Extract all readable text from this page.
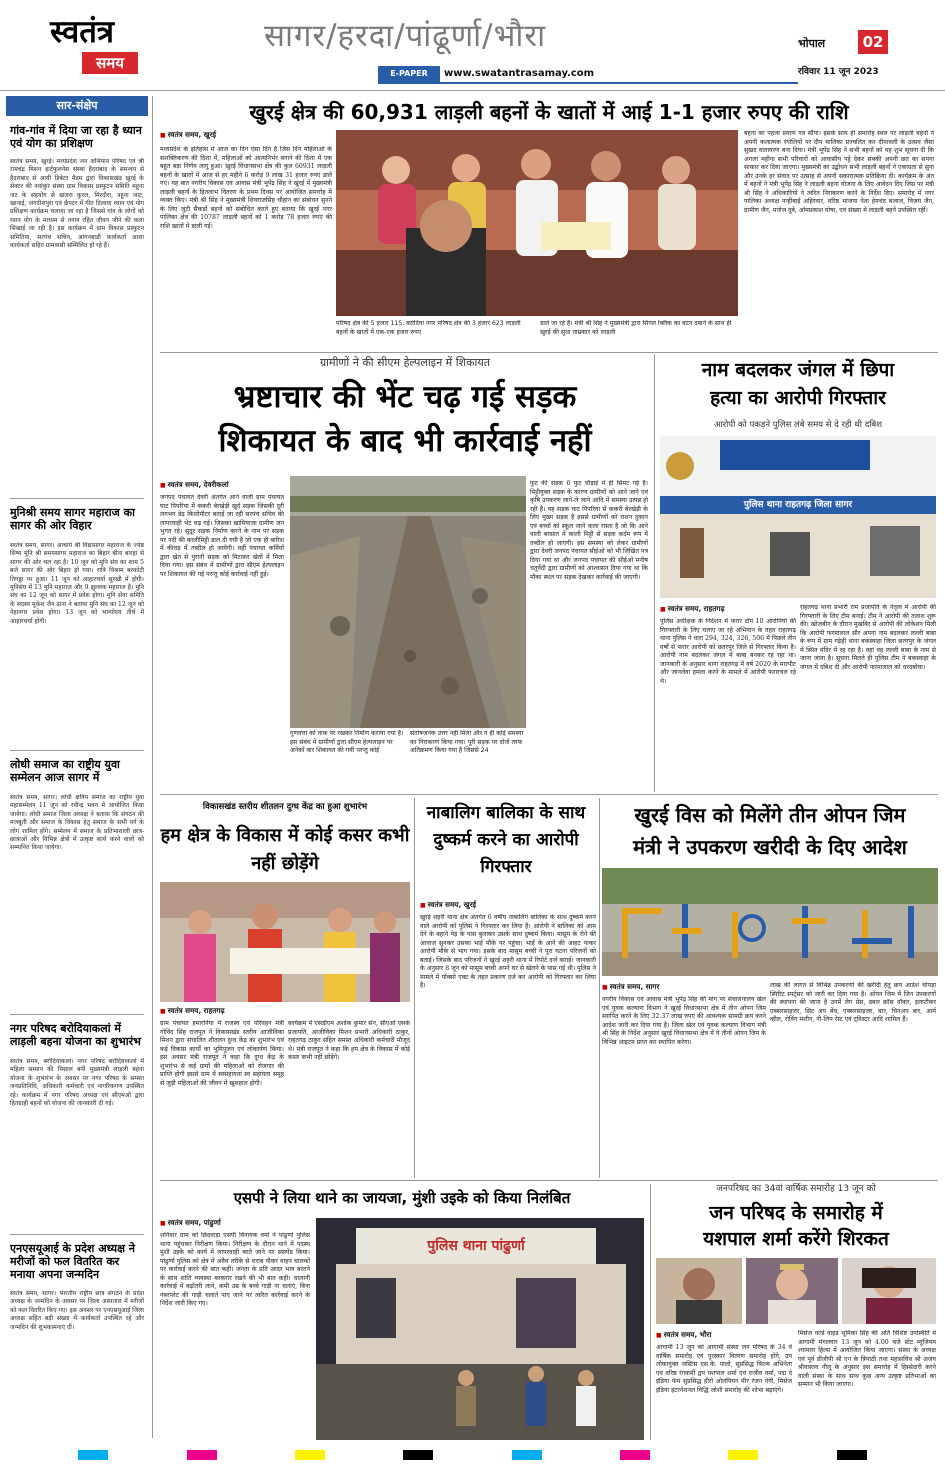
स्वतंत्र
समय
सागर/हरदा/पांढूर्णा/भौरा
E-PAPER	www.swatantrasamay.com
भोपाल	02
रविवार 11 जून 2023
सार-संक्षेप
गांव-गांव में दिया जा रहा है ध्यान एवं योग का प्रशिक्षण
स्वतंत्र समय, खुरई। मध्यप्रदेश जन अभियान परिषद एवं श्री रामचंद्र मिशन हार्टफुलनेस संस्था हैदराबाद के समन्वय से हैदराबाद से आयी डिबेटर मैडम द्वारा विकासखंड खुरई के सेक्टर की नवांकुर संस्था ग्राम विकास प्रस्फुटन समिति महूना जट के सहयोग से खजरा कुरल, मिरदौरा, नहूना जाट, खानाई, जगदीशपुरा एवं छैपटर में गीत दिलाया ध्यान एवं योग प्रशिक्षण कार्यक्रम चलाया जा रहा है जिससे गांव के लोगों को ध्यान योग के माध्यम से तनाव रहित जीवन जीने की कला सिखाई जा रही है। इस कार्यक्रम में ग्राम विकास प्रस्फुटन समितिया, सरपंच सचिव, आंगनबाडी कार्यकर्ता आशा कार्यकर्ता सहित ग्रामवासी सम्मिलित हो रहे हैं।
मुनिश्री समय सागर महाराज का सागर की ओर विहार
स्वतंत्र समय, सागर। आचार्य श्री विद्यासागर महाराज के ज्येष्ठ शिष्य मुनि श्री समयसागर महाराज का बिहार बीना बारहा से सागर की ओर चल रहा है। 10 जून को मुनि संघ का शाम 5 बजे सागर की ओर बिहार हो गया। रात्रि विश्राम बरकोटी तिगड्डा पर हुआ। 11 जून को आहारचर्या सुरखी में होगी। मुनिसंघ में 13 मुनि महाराज और 9 क्षुल्लक महाराज है। मुनि संघ का 12 जून को सागर में प्रवेश होगा। मुनि सेवा समिति के सदस्य मुकेश जैन ढाना ने बताया मुनि संघ का 12 जून को नेहानगर प्रवेश होगा। 13 जून को भाग्योदय तीर्थ में आहारचर्या होगी।
लोधी समाज का राष्ट्रीय युवा सम्मेलन आज सागर में
स्वतंत्र समय, सागर। लोधी क्षत्रिय समाज का राष्ट्रीय युवा महासम्मेलन 11 जून को रवीन्द्र भवन में आयोजित किया जायेगा। लोधी समाज जिला अध्यक्ष ने बताया कि संगठन की मजबूती और समाज के विकास हेतु समाज के सभी वर्ग के लोग शामिल होंगे। सम्मेलन में समाज के प्रतिभाशाली छात्र-छात्राओं और विभिन्न क्षेत्रों में उत्कृष्ट कार्य करने वालों को सम्मानित किया जायेगा।
नगर परिषद बरोदियाकलां में लाड़ली बहना योजना का शुभारंभ
स्वतंत्र समय, बरोदियाकलां। नगर परिषद बरोदियाकलां में महिला सम्मान की मिसाल बनी मुख्यमंत्री लाड़ली बहना योजना के शुभारंभ के अवसर पर नगर परिषद के समस्त जनप्रतिनिधि, अधिकारी कर्मचारी एवं नागरिकगण उपस्थित रहे। कार्यक्रम में नगर परिषद अध्यक्ष एवं सीएमओ द्वारा हितग्राही बहनों को योजना की जानकारी दी गई।
एनएसयूआई के प्रदेश अध्यक्ष ने मरीजों को फल वितरित कर मनाया अपना जन्मदिन
स्वतंत्र समय, सागर। भारतीय राष्ट्रीय छात्र संगठन के प्रदेश अध्यक्ष के जन्मदिन के अवसर पर जिला अस्पताल में मरीजों को फल वितरित किए गए। इस अवसर पर एनएसयूआई जिला अध्यक्ष सहित बड़ी संख्या में कार्यकर्ता उपस्थित रहे और जन्मदिन की शुभकामनाएं दीं।
खुरई क्षेत्र की 60,931 लाड़ली बहनों के खातों में आई 1-1 हजार रुपए की राशि
■ स्वतंत्र समय, खुरई
मध्यप्रदेश के इतिहास में आज का दिन ऐसा दिन है जिस दिन महिलाओं के सशक्तिकरण की दिशा में, महिलाओं को आत्मनिर्भर बनाने की दिशा में एक बहुत बड़ा निर्णय लागू हुआ। खुरई विधानसभा क्षेत्र की कुल 60931 लाड़ली बहनों के खातों में आज से हर महीने 6 करोड़ 9 लाख 31 हजार रुपए डाले गए। यह बात नगरीय विकास एवं आवास मंत्री भूपेंद्र सिंह ने खुरई में मुख्यमंत्री लाड़ली बहनों के हितलाभ वितरण के प्रथम दिवस पर आयोजित समारोह में व्यक्त किए। मंत्री श्री सिंह ने मुख्यमंत्री शिवराजसिंह चौहान का संबोधन सुनने के लिए जुटी सैकड़ों बहनों को संबोधित करते हुए बताया कि खुरई नगर पालिका क्षेत्र की 10787 लाड़ली बहनों को 1 करोड़ 78 हजार रुपए की राशि खातों में डाली गई।
परिषद क्षेत्र की 5 हजार 115, बरोदिया नगर परिषद क्षेत्र की 3 हजार 623 लाड़ली बहनों के खातों में एक-एक हजार रुपए
डाले जा रहे हैं। मंत्री श्री सिंह ने मुख्यमंत्री द्वारा सिंगल क्लिक का बटन दबाने के साथ ही खुरई की सुधा ताम्रकार को लाड़ली
बहना का पहला प्रमाण पत्र सौंपा। इसके साथ ही समारोह स्थल पर लाड़ली बहनों ने अपनी कलात्मक रंगोलियों पर दीप मालिका प्रज्वलित कर दीपावली के उत्सव जैसा सुखद वातावरण बना दिया। मंत्री भूपेंद्र सिंह ने सभी बहनों को यह शुभ सूचना दी कि अगला महीना सभी परिवारों को आवासीय पट्टे देकर सबकी अपनी छत का सपना साकार कर दिया जाएगा। मुख्यमंत्री का उद्बोधन सभी लाड़ली बहनों ने एकाग्रता से सुना और उनके हर संवाद पर उत्साह से अपनी सकारात्मक प्रतिक्रिया दी। कार्यक्रम के अंत में बहनों ने मंत्री भूपेंद्र सिंह ने लाड़ली बहना योजना के लिए आवेदन दिए जिस पर मंत्री श्री सिंह ने अधिकारियों ने त्वरित निराकरण करने के निर्देश दिए। समारोह में नगर पालिका अध्यक्ष नन्हींबाई अहिरवार, वरिष्ठ भाजपा नेता हेमचंद बजाज, विजय जैन, ग्रामीण जैन, मनोज दुबे, ओमप्रकाश घोषा, एवं संख्या में लाड़ली बहनें उपस्थित रहीं।
ग्रामीणों ने की सीएम हेल्पलाइन में शिकायत
भ्रष्टाचार की भेंट चढ़ गई सड़क
शिकायत के बाद भी कार्रवाई नहीं
■ स्वतंत्र समय, देवरीकलां
जनपद पंचायत देवरी अंतर्गत आने वाली ग्राम पंचायत घाट पिपरिया में ककरी बेरखेड़ी खुर्द सड़क जिसकी दूरी लगभग डेढ़ किलोमीटर बताई जा रही सरपंच सचिव की लापरवाही भेंट चढ़ गई। जिसका खामियाजा ग्रामीण जन भुगत रहे। सुदूर सड़क निर्माण करने के नाम पर सड़क पर नदी की कालीमिट्टी डाल दी गयी है जो एक ही बारिश में कीचड़ में तब्दील हो जायेगी। वहीं पंचायत कर्मियों द्वारा खेत से पुरानी सड़क को मिटाकर खेतों में मिला दिया गया। इस संबंध में ग्रामीणों द्वारा सीएम हेल्पलाइन पर शिकायत की गई परन्तु कोई कार्रवाई नहीं हुई।
गुणवत्ता को ताक पर रखकर निर्माण कराया गया है। इस संबंध में ग्रामीणों द्वारा सीएम हेल्पलाइन पर अनेकों बार शिकायत की गयी परन्तु कोई
संतोषजनक उत्तर नहीं मिला और न ही कोई समस्या का निराकरण किया गया। पूरी सड़क पर दोनों तरफ अतिक्रमण किया गया है जिससे 24
फुट की सड़क 6 फुट चौड़ाई में ही सिमट गई है। मिट्टीयुक्त सड़क के कारण ग्रामीणों को आने जाने एवं कृषि उपकरण लाने-ले जाने आदि में समस्या उत्पन्न हो रही है। यह सड़क घाट पिपरिया से ककरी बेरखेड़ी के लिए मुख्य सड़क है इससे ग्रामीणों को राशन दुकान एवं बच्चों को स्कूल जाने वाला रास्ता है जो कि आने वाली बरसात में काली मिट्टी से सड़क कर्दम रूप में तब्दील हो जाएगी। इस समस्या को लेकर ग्रामीणों द्वारा देवरी जनपद पंचायत सीईओ को भी लिखित पत्र दिया गया था और जनपद पंचायत की सीईओ मनीष चतुर्वेदी द्वारा ग्रामीणों को आश्वासन दिया गया था कि मौका स्थल पर सड़क देखकर कार्रवाई की जाएगी।
नाम बदलकर जंगल में छिपा
हत्या का आरोपी गिरफ्तार
आरोपी को पकड़ने पुलिस लंबे समय से दे रही थी दबिश
पुलिस थाना राहतगढ़ जिला सागर
■ स्वतंत्र समय, राहतगढ़
पुलिस अधीक्षक के निर्देशन में फरार टॉप 10 आरोपियों की गिरफ्तारी के लिए चलाए जा रहे अभियान के तहत राहतगढ़ थाना पुलिस ने धारा 294, 324, 326, 506 में पिछले तीन वर्षों से फरार आरोपी को छतरपुर जिले से गिरफ्तार किया है। आरोपी नाम बदलकर जंगल में बाबा बनकर रह रहा था। जानकारी के अनुसार थाना राहतगढ़ में वर्ष 2020 के मारपीट और जानलेवा हमला करने के मामले में आरोपी फरारचल रहे थे।
राहतगढ़ थाना प्रभारी राम प्रजापति के नेतृत्व में आरोपी की गिरफ्तारी के लिए टीम बनाई। टीम ने आरोपी की तलाश शुरू की। खोजबीन के दौरान मुखबिर से आरोपी की लोकेशन मिली कि आरोपी फरमालाल सौर अपना नाम बदलकर लल्ली बाबा के रूप में ग्राम गढ़ेही थाना बकस्वाहा जिला छतरपुर के जंगल में स्थित मंदिर में रह रहा है। वहां वह लल्ली बाबा के नाम से जाना जाता है। सूचना मिलते ही पुलिस टीम ने बकस्वाहा के जंगल में दबिश दी और आरोपी फरमालाल को धरदबोचा।
विकासखंड स्तरीय शीतलन दुग्ध केंद्र का हुआ शुभारंभ
हम क्षेत्र के विकास में कोई कसर कभी नहीं छोड़ेंगे
■ स्वतंत्र समय, राहतगढ़
ग्राम पंचायत हमारनिया में राजस्व एवं परिवहन मंत्री गोविंद सिंह राजपूत ने विकासखंड स्तरीय आजीविका मिशन द्वारा संचालित शीतलन दुग्ध केंद्र का शुभारंभ एवं कई विकास कार्यों का भूमिपूजन एवं लोकार्पण किया। इस अवसर मंत्री राजपूत ने कहा कि दुग्ध केंद्र के शुभारंभ से कई ग्रामों की महिलाओं को रोजगार की प्राप्ति होगी इससे ग्राम में स्वसहायता स्व सहायता समूह से जुड़ी महिलाओं की जीवन में खुशहाल होगी।
कार्यक्रम में एसडीएम अशोक कुमार सेन, सीएओ एसके प्रजापति, आजीविका मिशन प्रभारी अधिकारी ठाकुर, राहतगढ़ ठाकुर सहित समस्त अधिकारी कर्मचारी मौजूद थे। मंत्री राजपूत ने कहा कि हम क्षेत्र के विकास में कोई कसर कभी नहीं छोड़ेंगे।
नाबालिग बालिका के साथ दुष्कर्म करने का आरोपी गिरफ्तार
■ स्वतंत्र समय, खुरई
खुरई शहरी थाना क्षेत्र अंतर्गत 6 वर्षीय नाबालिग बालिका के साथ दुष्कर्म करने वाले आरोपी को पुलिस ने गिरफ्तार कर लिया है। आरोपी ने बालिका को आम देने के बहाने पेड़ के पास बुलाकर उसके साथ दुष्कर्म किया। मासूम के रोने की आवाज सुनकर उसका भाई मौके पर पहुंचा। भाई के आने की आहट पाकर आरोपी मौके से भाग गया। इसके बाद मासूम बच्ची ने पूरा घटना परिजनों को बताई। जिसके बाद परिजनों ने खुरई शहरी थाना में रिपोर्ट दर्ज कराई। जानकारी के अनुसार 8 जून को मासूम बच्ची अपने घर से खेलने के पास गई थी। पुलिस ने मामले में पॉक्सो एक्ट के तहत प्रकरण दर्ज कर आरोपी को गिरफ्तार कर लिया है।
खुरई विस को मिलेंगे तीन ओपन जिम
मंत्री ने उपकरण खरीदी के दिए आदेश
■ स्वतंत्र समय, सागर
नगरीय विकास एवं आवास मंत्री भूपेंद्र सिंह की मांग पर संचालनालय खेल एवं युवक कल्याण विभाग ने खुरई विधानसभा क्षेत्र में तीन ओपन जिम स्थापित करने के लिए 32.37 लाख रुपए की आवश्यक सामग्री क्रय करने आदेश जारी कर दिया गया है। जिला खेल एवं युवक कल्याण विभाग मंत्री श्री सिंह के निर्देश अनुसार खुरई विधानसभा क्षेत्र में ये तीनों ओपन जिम के विभिन्न आइटम प्राप्त कर स्थापित करेगा।
लाख की लागत से विभिन्न उपकरणों की खरीदी हेतु क्रय आदेश चोपड़ा स्पिरिट स्पर्ट्सर को जारी कर दिया गया है। ओपन जिम में जिन उपकरणों की स्थापना की जाना है उनमें लेग प्रेस, डबल क्रॉस वॉकर, इलप्टीकर एक्सरसाइजर, सिट अप बेंच, एक्सरसाइजर, बार, चिनअप बार, आर्म व्हील, रोविंग मशीन, नी-लिप रेस्ट एवं ट्विस्टर आदि शामिल हैं।
एसपी ने लिया थाने का जायजा, मुंशी उइके को किया निलंबित
■ स्वतंत्र समय, पांढुर्णा
शनिवार ग्राम को छिंदवाड़ा एसपी विनायक वर्मा ने पांढुर्णा पुलिस थाना पहुंचकर निरीक्षण किया। निरीक्षण के दौरान थाने में पदस्थ मुंशी उइके को कार्य में लापरवाही बरते जाने पर ससपेंड किया। पांढुर्णा पुलिस को क्षेत्र में अवैध तरीके से शराब पीकर वाहन चालकों पर कार्रवाई करने की बात कही। जनता के प्रति आदर भाव बरतने के साथ शांति व्यवस्था बरकरार रखने की भी बात कही। चालानी कार्रवाई में बढ़ोतरी लाने, कमी उम्र के बच्चे गाड़ी ना चलाएं, बिना नंबरप्लेट की गाड़ी चलाते पाए जाने पर त्वरित कार्रवाई करने के निर्देश जारी किए गए।
पुलिस थाना पांढुर्णा
जनपरिषद का 34वां वार्षिक समारोह 13 जून को
जन परिषद के समारोह में
यशपाल शर्मा करेंगे शिरकत
■ स्वतंत्र समय, भौरा
आगामी 13 जून को आगामी संस्था जन परिषद के 34 वें वार्षिक समारोह एवं पुरस्कार वितरण समारोह होंगे, उप लोकायुक्त जस्टिस एस.के. पालो, सुप्रसिद्ध फिल्म अभिनेता एवं वरिष्ठ रंगकर्मी द्वय यशपाल शर्मा एवं राजीव वर्मा, पद्म दे इंडिया फेम सुप्रसिद्ध हीरो ओलंपियन मीर रंजन नेगी, मिसेज इंडिया इंटरनेशनल विद्धि जोशी समारोह की शोभा बढ़ाएंगे।
मिसेज वर्ल्ड वाइड भूमिका सिंह की अति विशिष्ट उपस्थिति में आगामी मंगलवार 13 जून को 4.00 बजे स्टेट म्यूजियम श्यामला हिल्स में आयोजित किया जाएगा। संस्था के अध्यक्ष एवं पूर्व डीजीपी श्री एन के त्रिपाठी तथा महासचिव श्री अजय श्रीवास्तव नीलू के अनुसार इस समारोह में हिस्सेदारी करने वाली संस्था के साथ साथ कुछ अन्य उत्कृष्ट प्रतिभाओं का सम्मान भी किया जाएगा।
